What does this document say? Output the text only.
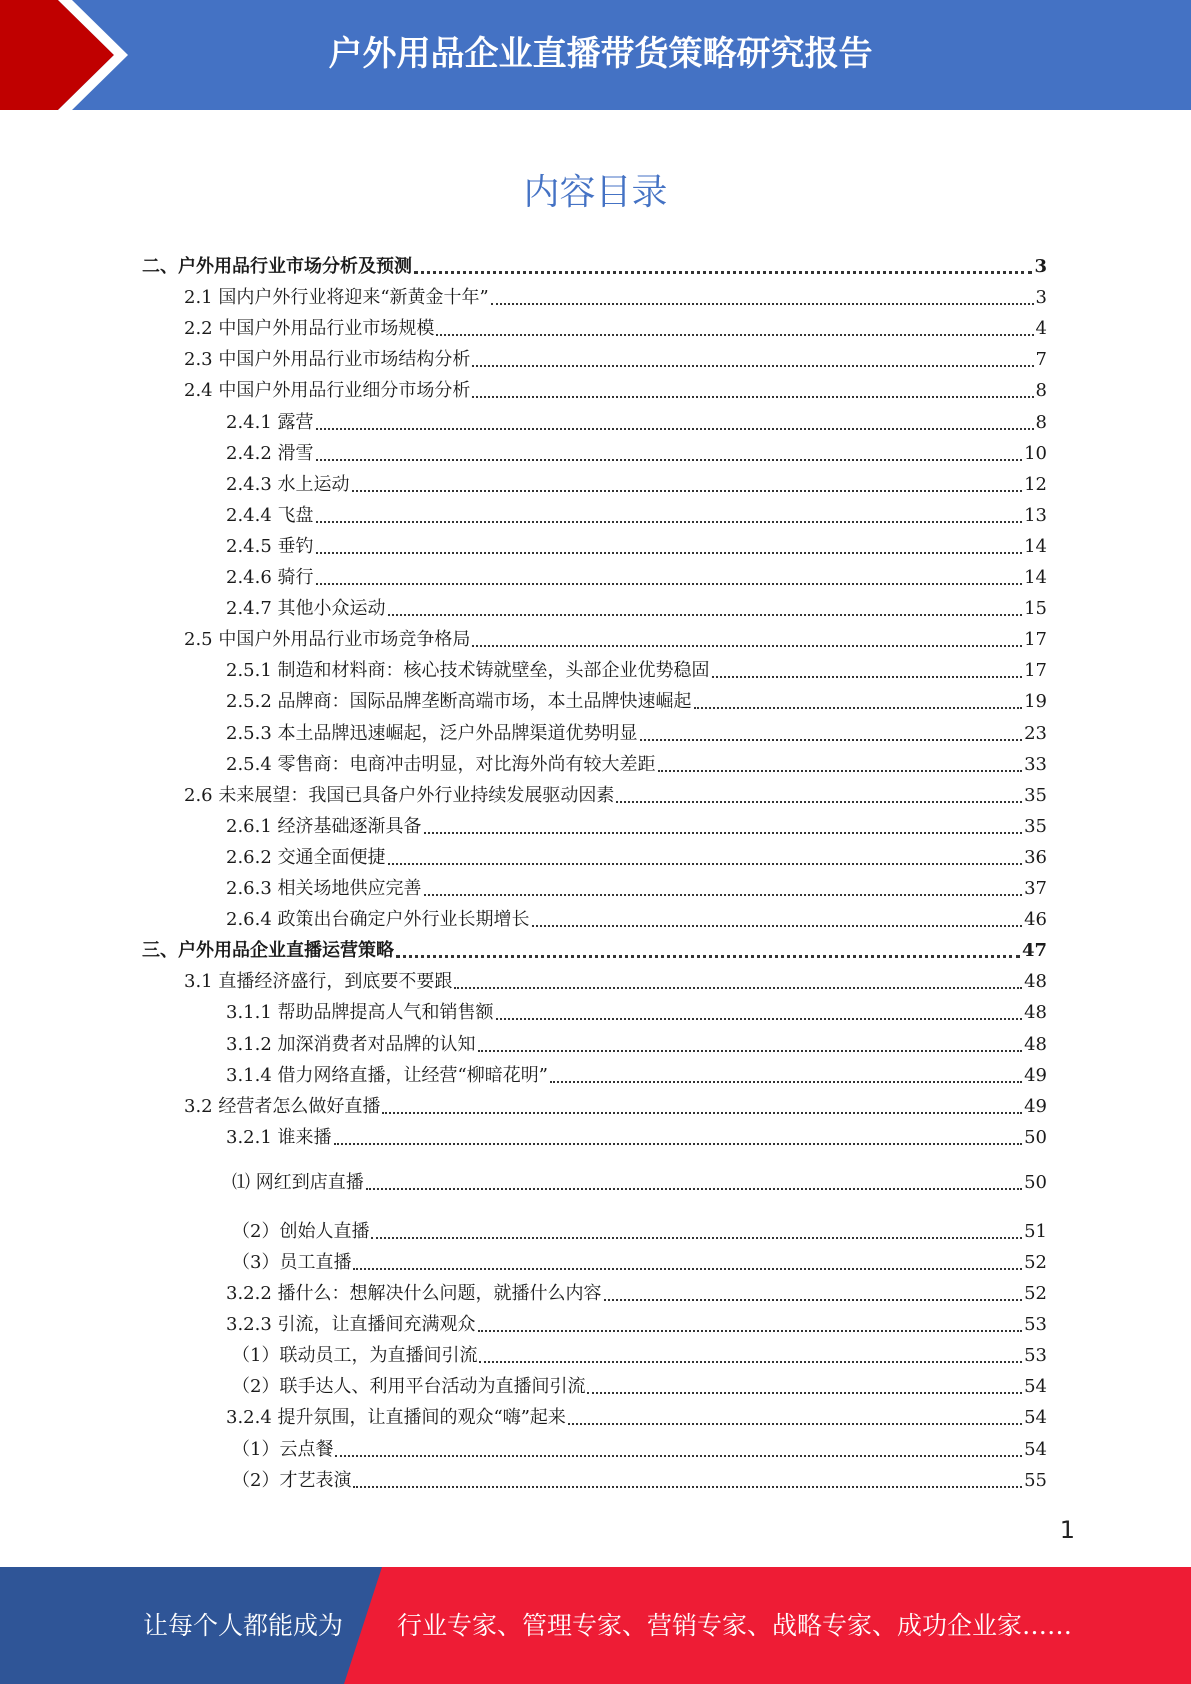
户外用品企业直播带货策略研究报告
内容目录
二、户外用品行业市场分析及预测	3
2.1 国内户外行业将迎来“新黄金十年”	3
2.2 中国户外用品行业市场规模	4
2.3 中国户外用品行业市场结构分析	7
2.4 中国户外用品行业细分市场分析	8
2.4.1 露营	8
2.4.2 滑雪	10
2.4.3 水上运动	12
2.4.4 飞盘	13
2.4.5 垂钓	14
2.4.6 骑行	14
2.4.7 其他小众运动	15
2.5 中国户外用品行业市场竞争格局	17
2.5.1 制造和材料商：核心技术铸就壁垒，头部企业优势稳固	17
2.5.2 品牌商：国际品牌垄断高端市场，本土品牌快速崛起	19
2.5.3 本土品牌迅速崛起，泛户外品牌渠道优势明显	23
2.5.4 零售商：电商冲击明显，对比海外尚有较大差距	33
2.6 未来展望：我国已具备户外行业持续发展驱动因素	35
2.6.1 经济基础逐渐具备	35
2.6.2 交通全面便捷	36
2.6.3 相关场地供应完善	37
2.6.4 政策出台确定户外行业长期增长	46
三、户外用品企业直播运营策略	47
3.1 直播经济盛行，到底要不要跟	48
3.1.1 帮助品牌提高人气和销售额	48
3.1.2 加深消费者对品牌的认知	48
3.1.4 借力网络直播，让经营“柳暗花明”	49
3.2 经营者怎么做好直播	49
3.2.1 谁来播	50
⑴ 网红到店直播	50
（2）创始人直播	51
（3）员工直播	52
3.2.2 播什么：想解决什么问题，就播什么内容	52
3.2.3 引流，让直播间充满观众	53
（1）联动员工，为直播间引流	53
（2）联手达人、利用平台活动为直播间引流	54
3.2.4 提升氛围，让直播间的观众“嗨”起来	54
（1）云点餐	54
（2）才艺表演	55
1
让每个人都能成为 行业专家、管理专家、营销专家、战略专家、成功企业家……
